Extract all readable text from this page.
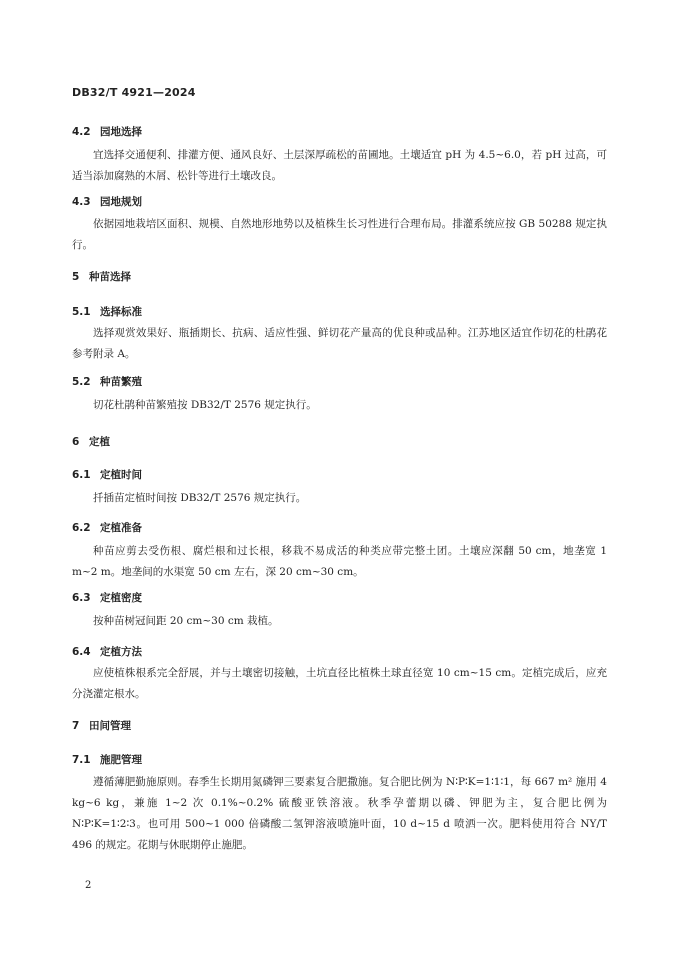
DB32/T 4921—2024
4.2 园地选择

宜选择交通便利、排灌方便、通风良好、土层深厚疏松的苗圃地。土壤适宜 pH 为 4.5~6.0，若 pH 过高，可适当添加腐熟的木屑、松针等进行土壤改良。

4.3 园地规划

依据园地栽培区面积、规模、自然地形地势以及植株生长习性进行合理布局。排灌系统应按 GB 50288 规定执行。

5 种苗选择
5.1 选择标准

选择观赏效果好、瓶插期长、抗病、适应性强、鲜切花产量高的优良种或品种。江苏地区适宜作切花的杜鹃花参考附录 A。

5.2 种苗繁殖

切花杜鹃种苗繁殖按 DB32/T 2576 规定执行。

6 定植
6.1 定植时间

扦插苗定植时间按 DB32/T 2576 规定执行。

6.2 定植准备

种苗应剪去受伤根、腐烂根和过长根，移栽不易成活的种类应带完整土团。土壤应深翻 50 cm，地垄宽 1 m~2 m。地垄间的水渠宽 50 cm 左右，深 20 cm~30 cm。

6.3 定植密度

按种苗树冠间距 20 cm~30 cm 栽植。

6.4 定植方法

应使植株根系完全舒展，并与土壤密切接触，土坑直径比植株土球直径宽 10 cm~15 cm。定植完成后，应充分浇灌定根水。

7 田间管理
7.1 施肥管理

遵循薄肥勤施原则。春季生长期用氮磷钾三要素复合肥撒施。复合肥比例为 N∶P∶K=1∶1∶1，每 667 m² 施用 4 kg~6 kg，兼施 1~2 次 0.1%~0.2% 硫酸亚铁溶液。秋季孕蕾期以磷、钾肥为主，复合肥比例为 N∶P∶K=1∶2∶3。也可用 500~1 000 倍磷酸二氢钾溶液喷施叶面，10 d~15 d 喷洒一次。肥料使用符合 NY/T 496 的规定。花期与休眠期停止施肥。

2
